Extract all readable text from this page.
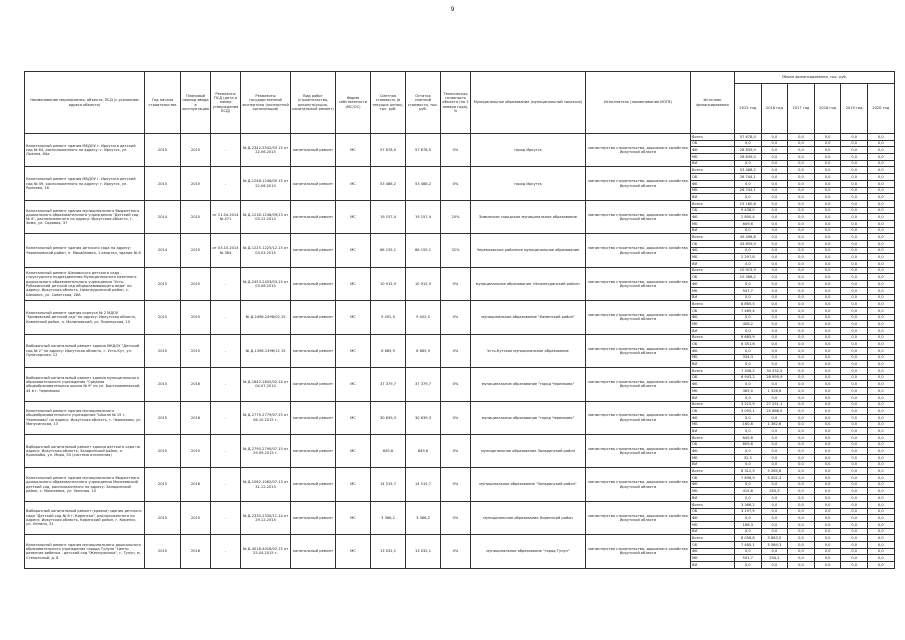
9
Наименование мероприятия, объекта, ПСД (с указанием адреса объекта)	Год начала строительства	Плановый период ввода в эксплуатацию	Реквизиты ПСД (дата и номер утверждения ПСД)	Реквизиты государственной экспертизы (экспертной организации)	Вид работ (строительство, реконструкция, капитальный ремонт)	Форма собственности (МС/ОС)	Сметная стоимость (в текущих ценах), тыс. руб.	Остаток сметной стоимости, тыс. руб.	Техническая готовность объекта (на 1 января года), %	Муниципальное образование (муниципальный заказчик)	Исполнитель (наименование ИОГВ)	Источник финансирования	Объем финансирования, тыс. руб.					
													2015 год	2016 год	2017 год	2018 год	2019 год	2020 год
Капитальный ремонт здания МБДОУ г. Иркутска детский сад № 64, расположенного по адресу: г. Иркутск, ул. Лызина, 64а	2015	2015	-	№ Д-2342-2542/03 15 от 22.06.2015	капитальный ремонт	МС	57 678,0	57 678,0	0%	город Иркутск	министерство строительства, дорожного хозяйства Иркутской области	Всего	57 678,0	0,0	0,0	0,0	0,0	0,0
												ОБ	0,0	0,0	0,0	0,0	0,0	0,0
												ФБ	28 839,0	0,0	0,0	0,0	0,0	0,0
												МБ	28 839,0	0,0	0,0	0,0	0,0	0,0
												ВИ	0,0	0,0	0,0	0,0	0,0	0,0
Капитальный ремонт здания МБДОУ г. Иркутска детский сад № 49, расположенного по адресу: г. Иркутск, ул. Рылеева, 16	2015	2015	-	№ Д-1246-1246/09 15 от 22.06.2015	капитальный ремонт	МС	53 488,2	53 488,2	0%	город Иркутск	министерство строительства, дорожного хозяйства Иркутской области	Всего	53 488,2	0,0	0,0	0,0	0,0	0,0
												ОБ	26 744,1	0,0	0,0	0,0	0,0	0,0
												ФБ	0,0	0,0	0,0	0,0	0,0	0,0
												МБ	26 744,1	0,0	0,0	0,0	0,0	0,0
												ВИ	0,0	0,0	0,0	0,0	0,0	0,0
Капитальный ремонт здания муниципального бюджетного дошкольного образовательного учреждения "Детский сад № 4", расположенного по адресу: Иркутская область, г. Зима, ул. Садовая, 37	2014	2015	от 21.04.2014 № 471	№ Д-1218-1246/09/13 от 03.12.2013	капитальный ремонт	МС	19 157,4	19 157,4	20%	Зиминское городское муниципальное образование	министерство строительства, дорожного хозяйства Иркутской области	Всего	15 180,6	0,0	0,0	0,0	0,0	0,0
												ОБ	9 438,0	0,0	0,0	0,0	0,0	0,0
												ФБ	2 800,4	0,0	0,0	0,0	0,0	0,0
												МБ	649,6	0,0	0,0	0,0	0,0	0,0
												ВИ	0,0	0,0	0,0	0,0	0,0	0,0
Капитальный ремонт здания детского сада по адресу: Черемховский район, п. Михайловка, 1 квартал, здание № 6	2014	2015	от 03.10.2014 № 384	№ Д-1225-1225/12.15 от 03.03.2015	капитальный ремонт	МС	66 155,1	66 155,1	32%	Черемховское районное муниципальное образование	министерство строительства, дорожного хозяйства Иркутской области	Всего	45 496,8	0,0	0,0	0,0	0,0	0,0
												ОБ	43 659,0	0,0	0,0	0,0	0,0	0,0
												ФБ	0,0	0,0	0,0	0,0	0,0	0,0
												МБ	2 297,8	0,0	0,0	0,0	0,0	0,0
												ВИ	0,0	0,0	0,0	0,0	0,0	0,0
Капитальный ремонт Шеховского детского сада - структурного подразделения Муниципального казенного дошкольного образовательного учреждения "Усть-Рубахинский детский сад общеразвивающего вида" по адресу: Иркутская область, Нижнеудинский район, с. Шеховск, ул. Советская, 28А	2015	2015	-	№ Д-2453-2453/03.15 от 03.06.2015	капитальный ремонт	МС	10 915,9	10 915,9	0%	муниципальное образование «Нижнеудинский район»	министерство строительства, дорожного хозяйства Иркутской области	Всего	10 915,9	0,0	0,0	0,0	0,0	0,0
												ОБ	10 368,2	0,0	0,0	0,0	0,0	0,0
												ФБ	0,0	0,0	0,0	0,0	0,0	0,0
												МБ	547,7	0,0	0,0	0,0	0,0	0,0
												ВИ	0,0	0,0	0,0	0,0	0,0	0,0
Капитальный ремонт здания корпуса № 2 МДОУ "Хромовский детский сад" по адресу: Иркутская область, Каменский район, п. Малиновский, ул. Пионерская, 10	2015	2015	-	№ Д-2498-2498/02.15	капитальный ремонт	МС	9 002,0	9 002,0	0%	муниципальное образование "Каменский район"	министерство строительства, дорожного хозяйства Иркутской области	Всего	8 865,5	0,0	0,0	0,0	0,0	0,0
												ОБ	7 469,4	0,0	0,0	0,0	0,0	0,0
												ФБ	0,0	0,0	0,0	0,0	0,0	0,0
												МБ	408,2	0,0	0,0	0,0	0,0	0,0
												ВИ	0,0	0,0	0,0	0,0	0,0	0,0
Выборочный капитальный ремонт здания МКДОУ "Детский сад № 2" по адресу: Иркутская область, г. Усть-Кут, ул. Луначарская, 12	2015	2015	-	№ Д-1396-1396/12 15	капитальный ремонт	МС	6 685,9	6 685,9	0%	Усть-Кутское муниципальное образование	министерство строительства, дорожного хозяйства Иркутской области	Всего	6 685,9	0,0	0,0	0,0	0,0	0,0
												ОБ	6 351,6	0,0	0,0	0,0	0,0	0,0
												ФБ	0,0	0,0	0,0	0,0	0,0	0,0
												МБ	334,3	0,0	0,0	0,0	0,0	0,0
												ВИ	0,0	0,0	0,0	0,0	0,0	0,0
Выборочный капитальный ремонт здания муниципального образовательного учреждения "Средняя общеобразовательная школа № 9" по ул. Бартоломеевской, 44 в г. Черемхово	2015	2016	-	№ Д-1642-1642/02.14 от 04.07.2014	капитальный ремонт	МС	37 379,7	37 379,7	0%	муниципальное образование "город Черемхово"	министерство строительства, дорожного хозяйства Иркутской области	Всего	7 308,2	30 532,5	0,0	0,0	0,0	0,0
												ОБ	6 943,2	28 995,9	0,0	0,0	0,0	0,0
												ФБ	0,0	0,0	0,0	0,0	0,0	0,0
												МБ	365,0	1 526,6	0,0	0,0	0,0	0,0
												ВИ	0,0	0,0	0,0	0,0	0,0	0,0
Капитальный ремонт здания муниципального общеобразовательного учреждения "Школа № 15 г. Черемхово" по адресу: Иркутская область, г. Черемхово, ул. Минусинская, 13	2015	2016	-	№ Д-2779-2779/07.15 от 06.10.2015 г.	капитальный ремонт	МС	30 639,3	30 639,3	0%	муниципальное образование "город Черемхово"	министерство строительства, дорожного хозяйства Иркутской области	Всего	3 215,9	27 251,1	0,0	0,0	0,0	0,0
												ОБ	3 055,1	25 888,5	0,0	0,0	0,0	0,0
												ФБ	0,0	0,0	0,0	0,0	0,0	0,0
												МБ	160,8	1 362,6	0,0	0,0	0,0	0,0
												ВИ	0,0	0,0	0,0	0,0	0,0	0,0
Выборочный капитальный ремонт здания детского сада по адресу: Иркутская область, Заларинский район, п. Кромкобы, ул. Мира, 54 (система отопления)	2015	2015	-	№ Д-2790-2790/07.15 от 29.09.2015 г.	капитальный ремонт	МС	649,6	649,6	0%	муниципальное образование Заларинский район	министерство строительства, дорожного хозяйства Иркутской области	Всего	649,6	0,0	0,0	0,0	0,0	0,0
												ОБ	609,6	0,0	0,0	0,0	0,0	0,0
												ФБ	0,0	0,0	0,0	0,0	0,0	0,0
												МБ	32,5	0,0	0,0	0,0	0,0	0,0
												ВИ	0,0	0,0	0,0	0,0	0,0	0,0
Капитальный ремонт здания муниципального бюджетного дошкольного образовательного учреждения Моисеевский детский сад, расположенного по адресу: Заларинский район, с. Моисеевка, ул. Зеленая, 10	2015	2016	-	№ Д-1062-1062/07.13 от 31.12.2013	капитальный ремонт	МС	14 515,7	14 515,7	0%	муниципальное образование "Заларинский район"	министерство строительства, дорожного хозяйства Иркутской области	Всего	8 312,5	5 265,6	0,0	0,0	0,0	0,0
												ОБ	7 896,9	5 002,3	0,0	0,0	0,0	0,0
												ФБ	0,0	0,0	0,0	0,0	0,0	0,0
												МБ	415,6	263,3	0,0	0,0	0,0	0,0
												ВИ	0,0	0,0	0,0	0,0	0,0	0,0
Выборочный капитальный ремонт (кровли) здания детского сада "Детский сад № 8 г. Киренска", расположенного по адресу: Иркутская область, Киренский район, г. Киренск, ул. Ленина, 31	2015	2015	-	№ Д-2330-2330/11.14 от 29.12.2014	капитальный ремонт	МС	3 366,2	3 366,2	0%	муниципальное образование Киренский район	министерство строительства, дорожного хозяйства Иркутской области	Всего	3 366,2	0,0	0,0	0,0	0,0	0,0
												ОБ	3 197,9	0,0	0,0	0,0	0,0	0,0
												ФБ	0,0	0,0	0,0	0,0	0,0	0,0
												МБ	168,3	0,0	0,0	0,0	0,0	0,0
												ВИ	0,0	0,0	0,0	0,0	0,0	0,0
Капитальный ремонт здания муниципального дошкольного образовательного учреждения города Тулуна "Центр развития ребенка - детский сад "Жемчужинка", г. Тулун, м. Стекольный, д. 8	2015	2016	-	№ Д-4016-4016/02.15 от 25.04.2015 г.	капитальный ремонт	МС	13 032,1	13 032,1	0%	муниципальное образование "город Тулун"	министерство строительства, дорожного хозяйства Иркутской области	Всего	8 058,8	5 883,5	0,0	0,0	0,0	0,0
												ОБ	7 485,1	5 589,3	0,0	0,0	0,0	0,0
												ФБ	0,0	0,0	0,0	0,0	0,0	0,0
												МБ	541,7	294,2	0,0	0,0	0,0	0,0
												ВИ	0,0	0,0	0,0	0,0	0,0	0,0
